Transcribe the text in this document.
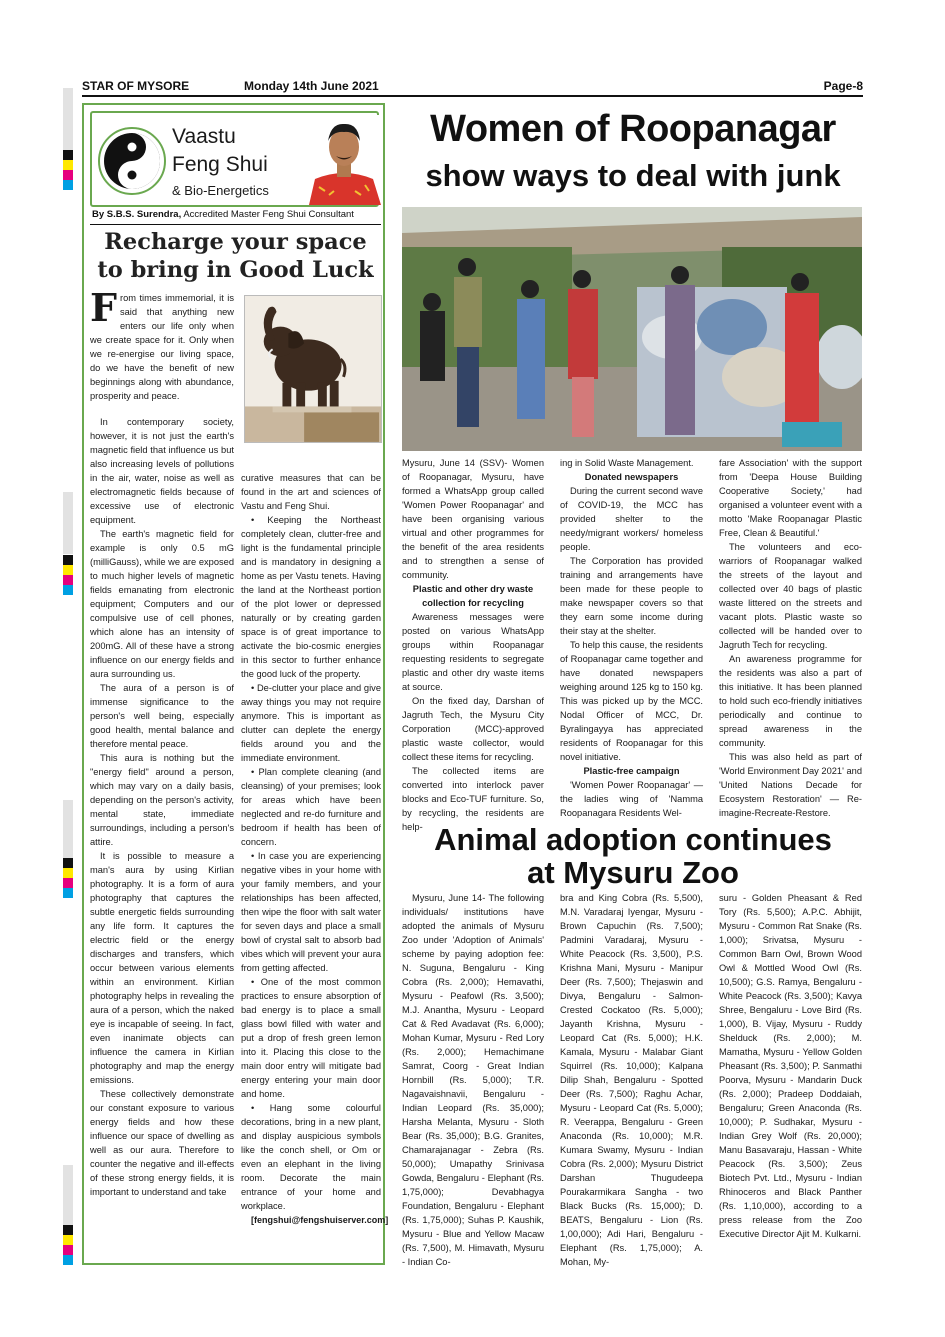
STAR OF MYSORE	Monday 14th June 2021	Page-8
Vaastu
Feng Shui
& Bio-Energetics
By S.B.S. Surendra, Accredited Master Feng Shui Consultant
Recharge your space
to bring in Good Luck

From times immemorial, it is said that anything new enters our life only when we create space for it. Only when we re-energise our living space, do we have the benefit of new beginnings along with abundance, prosperity and peace.

In contemporary society, however, it is not just the earth's magnetic field that influence us but also increasing levels of pollutions in the air, water, noise as well as electromagnetic fields because of excessive use of electronic equipment.

The earth's magnetic field for example is only 0.5 mG (milliGauss), while we are exposed to much higher levels of magnetic fields emanating from electronic equipment; Computers and our compulsive use of cell phones, which alone has an intensity of 200mG. All of these have a strong influence on our energy fields and aura surrounding us.

The aura of a person is of immense significance to the person's well being, especially good health, mental balance and therefore mental peace.

This aura is nothing but the "energy field" around a person, which may vary on a daily basis, depending on the person's activity, mental state, immediate surroundings, including a person's attire.

It is possible to measure a man's aura by using Kirlian photography. It is a form of aura photography that captures the subtle energetic fields surrounding any life form. It captures the electric field or the energy discharges and transfers, which occur between various elements within an environment. Kirlian photography helps in revealing the aura of a person, which the naked eye is incapable of seeing. In fact, even inanimate objects can influence the camera in Kirlian photography and map the energy emissions.

These collectively demonstrate our constant exposure to various energy fields and how these influence our space of dwelling as well as our aura. Therefore to counter the negative and ill-effects of these strong energy fields, it is important to understand and take

curative measures that can be found in the art and sciences of Vastu and Feng Shui.

• Keeping the Northeast completely clean, clutter-free and light is the fundamental principle and is mandatory in designing a home as per Vastu tenets. Having the land at the Northeast portion of the plot lower or depressed naturally or by creating garden space is of great importance to activate the bio-cosmic energies in this sector to further enhance the good luck of the property.

• De-clutter your place and give away things you may not require anymore. This is important as clutter can deplete the energy fields around you and the immediate environment.

• Plan complete cleaning (and cleansing) of your premises; look for areas which have been neglected and re-do furniture and bedroom if health has been of concern.

• In case you are experiencing negative vibes in your home with your family members, and your relationships has been affected, then wipe the floor with salt water for seven days and place a small bowl of crystal salt to absorb bad vibes which will prevent your aura from getting affected.

• One of the most common practices to ensure absorption of bad energy is to place a small glass bowl filled with water and put a drop of fresh green lemon into it. Placing this close to the main door entry will mitigate bad energy entering your main door and home.

• Hang some colourful decorations, bring in a new plant, and display auspicious symbols like the conch shell, or Om or even an elephant in the living room. Decorate the main entrance of your home and workplace.

[fengshui@fengshuiserver.com]

Women of Roopanagar
show ways to deal with junk

Mysuru, June 14 (SSV)- Women of Roopanagar, Mysuru, have formed a WhatsApp group called 'Women Power Roopanagar' and have been organising various virtual and other programmes for the benefit of the area residents and to strengthen a sense of community.

Plastic and other dry waste collection for recycling

Awareness messages were posted on various WhatsApp groups within Roopanagar requesting residents to segregate plastic and other dry waste items at source.

On the fixed day, Darshan of Jagruth Tech, the Mysuru City Corporation (MCC)-approved plastic waste collector, would collect these items for recycling.

The collected items are converted into interlock paver blocks and Eco-TUF furniture. So, by recycling, the residents are help-

ing in Solid Waste Management.

Donated newspapers

During the current second wave of COVID-19, the MCC has provided shelter to the needy/migrant workers/ homeless people.

The Corporation has provided training and arrangements have been made for these people to make newspaper covers so that they earn some income during their stay at the shelter.

To help this cause, the residents of Roopanagar came together and have donated newspapers weighing around 125 kg to 150 kg. This was picked up by the MCC. Nodal Officer of MCC, Dr. Byralingayya has appreciated residents of Roopanagar for this novel initiative.

Plastic-free campaign

'Women Power Roopanagar' — the ladies wing of 'Namma Roopanagara Residents Wel-

fare Association' with the support from 'Deepa House Building Cooperative Society,' had organised a volunteer event with a motto 'Make Roopanagar Plastic Free, Clean & Beautiful.'

The volunteers and eco-warriors of Roopanagar walked the streets of the layout and collected over 40 bags of plastic waste littered on the streets and vacant plots. Plastic waste so collected will be handed over to Jagruth Tech for recycling.

An awareness programme for the residents was also a part of this initiative. It has been planned to hold such eco-friendly initiatives periodically and continue to spread awareness in the community.

This was also held as part of 'World Environment Day 2021' and 'United Nations Decade for Ecosystem Restoration' — Re-imagine-Recreate-Restore.

Animal adoption continues
at Mysuru Zoo

Mysuru, June 14- The following individuals/ institutions have adopted the animals of Mysuru Zoo under 'Adoption of Animals' scheme by paying adoption fee: N. Suguna, Bengaluru - King Cobra (Rs. 2,000); Hemavathi, Mysuru - Peafowl (Rs. 3,500); M.J. Anantha, Mysuru - Leopard Cat & Red Avadavat (Rs. 6,000); Mohan Kumar, Mysuru - Red Lory (Rs. 2,000); Hemachimane Samrat, Coorg - Great Indian Hornbill (Rs. 5,000); T.R. Nagavaishnavii, Bengaluru - Indian Leopard (Rs. 35,000); Harsha Melanta, Mysuru - Sloth Bear (Rs. 35,000); B.G. Granites, Chamarajanagar - Zebra (Rs. 50,000); Umapathy Srinivasa Gowda, Bengaluru - Elephant (Rs. 1,75,000); Devabhagya Foundation, Bengaluru - Elephant (Rs. 1,75,000); Suhas P. Kaushik, Mysuru - Blue and Yellow Macaw (Rs. 7,500), M. Himavath, Mysuru - Indian Co-

bra and King Cobra (Rs. 5,500), M.N. Varadaraj Iyengar, Mysuru - Brown Capuchin (Rs. 7,500); Padmini Varadaraj, Mysuru - White Peacock (Rs. 3,500), P.S. Krishna Mani, Mysuru - Manipur Deer (Rs. 7,500); Thejaswin and Divya, Bengaluru - Salmon-Crested Cockatoo (Rs. 5,000); Jayanth Krishna, Mysuru - Leopard Cat (Rs. 5,000); H.K. Kamala, Mysuru - Malabar Giant Squirrel (Rs. 10,000); Kalpana Dilip Shah, Bengaluru - Spotted Deer (Rs. 7,500); Raghu Achar, Mysuru - Leopard Cat (Rs. 5,000); R. Veerappa, Bengaluru - Green Anaconda (Rs. 10,000); M.R. Kumara Swamy, Mysuru - Indian Cobra (Rs. 2,000); Mysuru District Darshan Thugudeepa Pourakarmikara Sangha - two Black Bucks (Rs. 15,000); D. BEATS, Bengaluru - Lion (Rs. 1,00,000); Adi Hari, Bengaluru - Elephant (Rs. 1,75,000); A. Mohan, My-

suru - Golden Pheasant & Red Tory (Rs. 5,500); A.P.C. Abhijit, Mysuru - Common Rat Snake (Rs. 1,000); Srivatsa, Mysuru - Common Barn Owl, Brown Wood Owl & Mottled Wood Owl (Rs. 10,500); G.S. Ramya, Bengaluru - White Peacock (Rs. 3,500); Kavya Shree, Bengaluru - Love Bird (Rs. 1,000), B. Vijay, Mysuru - Ruddy Shelduck (Rs. 2,000); M. Mamatha, Mysuru - Yellow Golden Pheasant (Rs. 3,500); P. Sanmathi Poorva, Mysuru - Mandarin Duck (Rs. 2,000); Pradeep Doddaiah, Bengaluru; Green Anaconda (Rs. 10,000); P. Sudhakar, Mysuru - Indian Grey Wolf (Rs. 20,000); Manu Basavaraju, Hassan - White Peacock (Rs. 3,500); Zeus Biotech Pvt. Ltd., Mysuru - Indian Rhinoceros and Black Panther (Rs. 1,10,000), according to a press release from the Zoo Executive Director Ajit M. Kulkarni.
